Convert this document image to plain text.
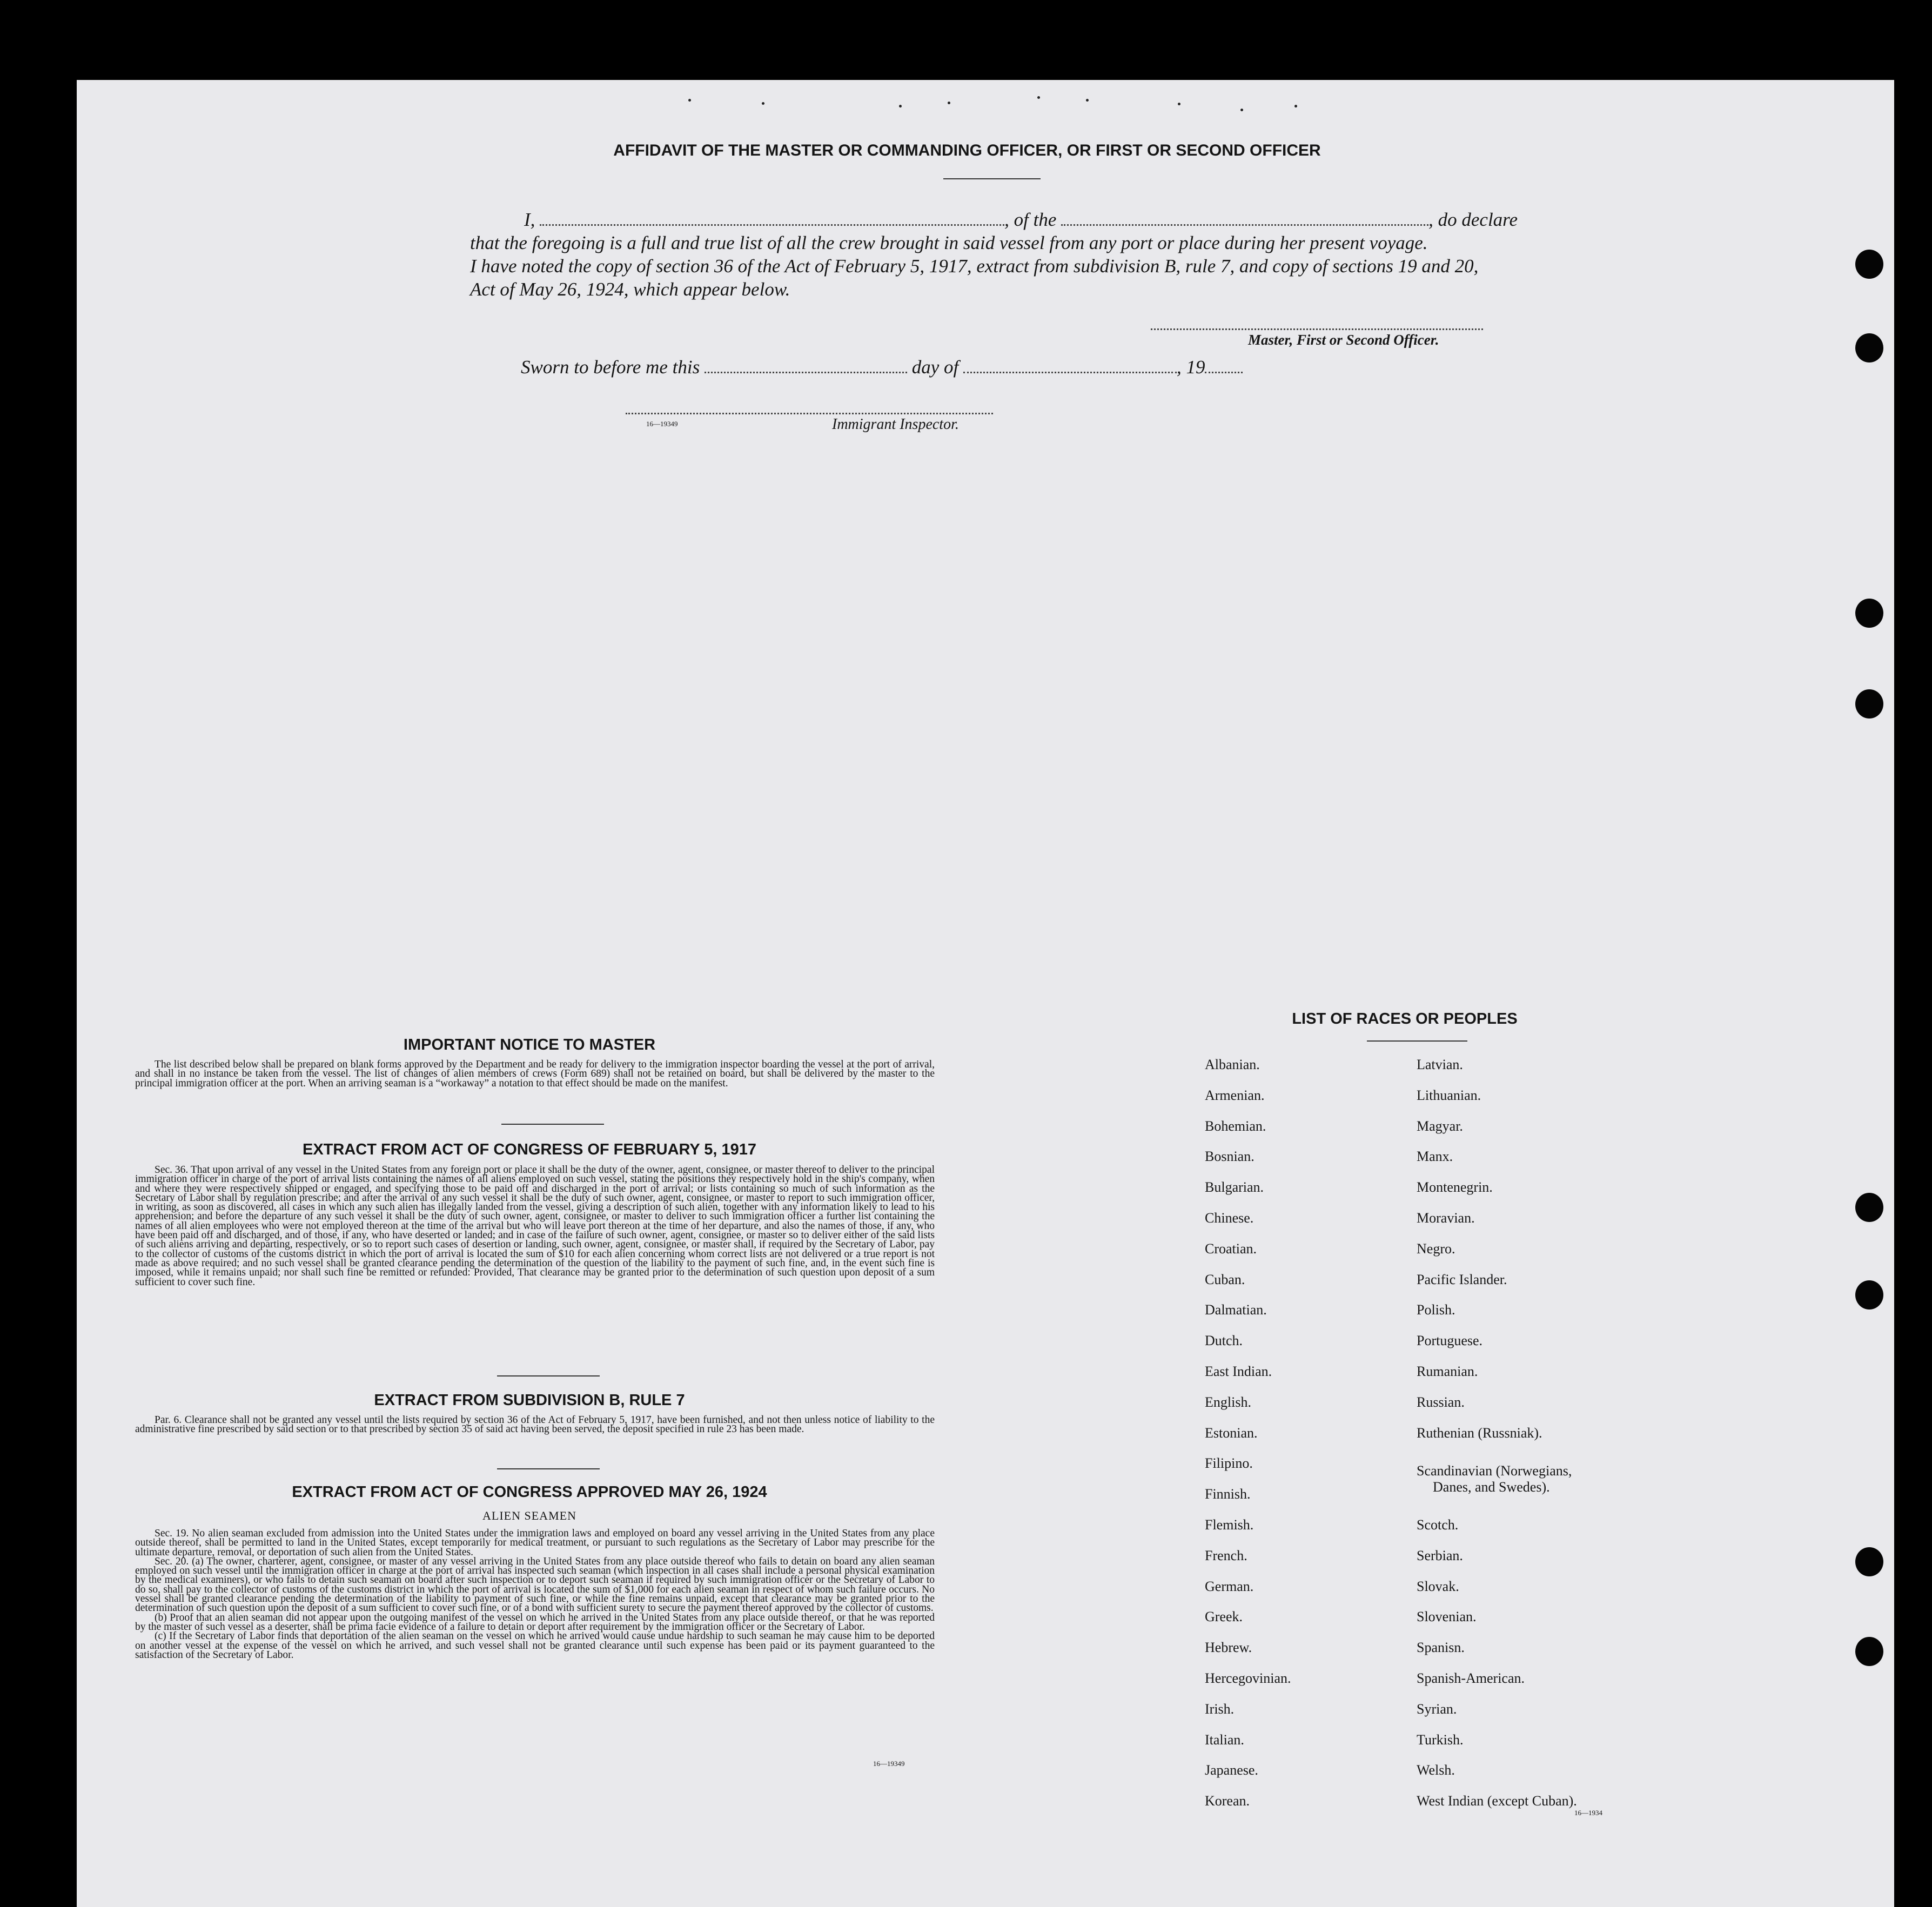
AFFIDAVIT OF THE MASTER OR COMMANDING OFFICER, OR FIRST OR SECOND OFFICER
I,	, of the	, do declare
that the foregoing is a full and true list of all the crew brought in said vessel from any port or place during her present voyage.
I have noted the copy of section 36 of the Act of February 5, 1917, extract from subdivision B, rule 7, and copy of sections 19 and 20,
Act of May 26, 1924, which appear below.
Master, First or Second Officer.
Sworn to before me this	day of	, 19
16—19349	Immigrant Inspector.
IMPORTANT NOTICE TO MASTER

The list described below shall be prepared on blank forms approved by the Department and be ready for delivery to the immigration inspector boarding the vessel at the port of arrival, and shall in no instance be taken from the vessel. The list of changes of alien members of crews (Form 689) shall not be retained on board, but shall be delivered by the master to the principal immigration officer at the port. When an arriving seaman is a “workaway” a notation to that effect should be made on the manifest.

EXTRACT FROM ACT OF CONGRESS OF FEBRUARY 5, 1917

Sec. 36. That upon arrival of any vessel in the United States from any foreign port or place it shall be the duty of the owner, agent, consignee, or master thereof to deliver to the principal immigration officer in charge of the port of arrival lists containing the names of all aliens employed on such vessel, stating the positions they respectively hold in the ship's company, when and where they were respectively shipped or engaged, and specifying those to be paid off and discharged in the port of arrival; or lists containing so much of such information as the Secretary of Labor shall by regulation prescribe; and after the arrival of any such vessel it shall be the duty of such owner, agent, consignee, or master to report to such immigration officer, in writing, as soon as discovered, all cases in which any such alien has illegally landed from the vessel, giving a description of such alien, together with any information likely to lead to his apprehension; and before the departure of any such vessel it shall be the duty of such owner, agent, consignee, or master to deliver to such immigration officer a further list containing the names of all alien employees who were not employed thereon at the time of the arrival but who will leave port thereon at the time of her departure, and also the names of those, if any, who have been paid off and discharged, and of those, if any, who have deserted or landed; and in case of the failure of such owner, agent, consignee, or master so to deliver either of the said lists of such aliens arriving and departing, respectively, or so to report such cases of desertion or landing, such owner, agent, consignee, or master shall, if required by the Secretary of Labor, pay to the collector of customs of the customs district in which the port of arrival is located the sum of $10 for each alien concerning whom correct lists are not delivered or a true report is not made as above required; and no such vessel shall be granted clearance pending the determination of the question of the liability to the payment of such fine, and, in the event such fine is imposed, while it remains unpaid; nor shall such fine be remitted or refunded: Provided, That clearance may be granted prior to the determination of such question upon deposit of a sum sufficient to cover such fine.

EXTRACT FROM SUBDIVISION B, RULE 7

Par. 6. Clearance shall not be granted any vessel until the lists required by section 36 of the Act of February 5, 1917, have been furnished, and not then unless notice of liability to the administrative fine prescribed by said section or to that prescribed by section 35 of said act having been served, the deposit specified in rule 23 has been made.

EXTRACT FROM ACT OF CONGRESS APPROVED MAY 26, 1924
ALIEN SEAMEN

Sec. 19. No alien seaman excluded from admission into the United States under the immigration laws and employed on board any vessel arriving in the United States from any place outside thereof, shall be permitted to land in the United States, except temporarily for medical treatment, or pursuant to such regulations as the Secretary of Labor may prescribe for the ultimate departure, removal, or deportation of such alien from the United States.

Sec. 20. (a) The owner, charterer, agent, consignee, or master of any vessel arriving in the United States from any place outside thereof who fails to detain on board any alien seaman employed on such vessel until the immigration officer in charge at the port of arrival has inspected such seaman (which inspection in all cases shall include a personal physical examination by the medical examiners), or who fails to detain such seaman on board after such inspection or to deport such seaman if required by such immigration officer or the Secretary of Labor to do so, shall pay to the collector of customs of the customs district in which the port of arrival is located the sum of $1,000 for each alien seaman in respect of whom such failure occurs. No vessel shall be granted clearance pending the determination of the liability to payment of such fine, or while the fine remains unpaid, except that clearance may be granted prior to the determination of such question upon the deposit of a sum sufficient to cover such fine, or of a bond with sufficient surety to secure the payment thereof approved by the collector of customs.

(b) Proof that an alien seaman did not appear upon the outgoing manifest of the vessel on which he arrived in the United States from any place outside thereof, or that he was reported by the master of such vessel as a deserter, shall be prima facie evidence of a failure to detain or deport after requirement by the immigration officer or the Secretary of Labor.

(c) If the Secretary of Labor finds that deportation of the alien seaman on the vessel on which he arrived would cause undue hardship to such seaman he may cause him to be deported on another vessel at the expense of the vessel on which he arrived, and such vessel shall not be granted clearance until such expense has been paid or its payment guaranteed to the satisfaction of the Secretary of Labor.

16—19349
LIST OF RACES OR PEOPLES
Albanian.
Armenian.
Bohemian.
Bosnian.
Bulgarian.
Chinese.
Croatian.
Cuban.
Dalmatian.
Dutch.
East Indian.
English.
Estonian.
Filipino.
Finnish.
Flemish.
French.
German.
Greek.
Hebrew.
Hercegovinian.
Irish.
Italian.
Japanese.
Korean.
Latvian.
Lithuanian.
Magyar.
Manx.
Montenegrin.
Moravian.
Negro.
Pacific Islander.
Polish.
Portuguese.
Rumanian.
Russian.
Ruthenian (Russniak).
Scandinavian (Norwegians,
Danes, and Swedes).
Scotch.
Serbian.
Slovak.
Slovenian.
Spanisn.
Spanish-American.
Syrian.
Turkish.
Welsh.
West Indian (except Cuban).
16—1934
